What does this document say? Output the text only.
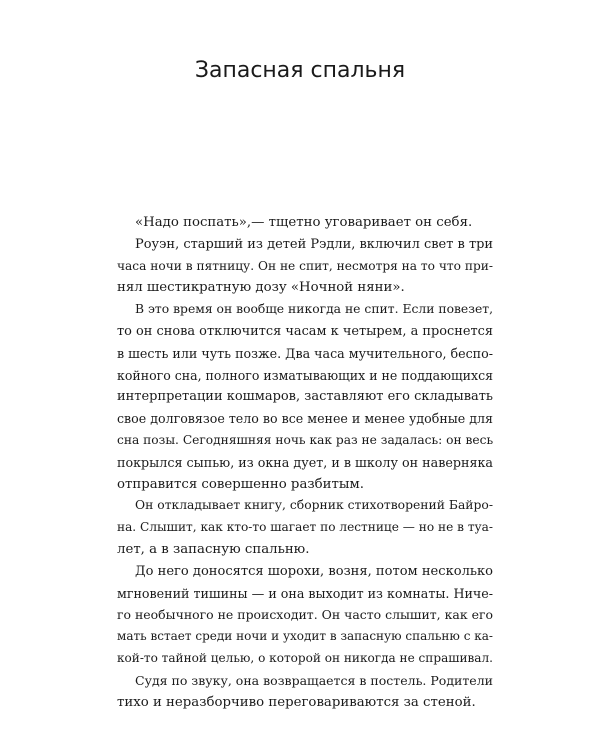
Запасная спальня
«Надо поспать»,— тщетно уговаривает он себя.
Роуэн, старший из детей Рэдли, включил свет в три
часа ночи в пятницу. Он не спит, несмотря на то что при-
нял шестикратную дозу «Ночной няни».
В это время он вообще никогда не спит. Если повезет,
то он снова отключится часам к четырем, а проснется
в шесть или чуть позже. Два часа мучительного, беспо-
койного сна, полного изматывающих и не поддающихся
интерпретации кошмаров, заставляют его складывать
свое долговязое тело во все менее и менее удобные для
сна позы. Сегодняшняя ночь как раз не задалась: он весь
покрылся сыпью, из окна дует, и в школу он наверняка
отправится совершенно разбитым.
Он откладывает книгу, сборник стихотворений Байро-
на. Слышит, как кто-то шагает по лестнице — но не в туа-
лет, а в запасную спальню.
До него доносятся шорохи, возня, потом несколько
мгновений тишины — и она выходит из комнаты. Ниче-
го необычного не происходит. Он часто слышит, как его
мать встает среди ночи и уходит в запасную спальню с ка-
кой-то тайной целью, о которой он никогда не спрашивал.
Судя по звуку, она возвращается в постель. Родители
тихо и неразборчиво переговариваются за стеной.
